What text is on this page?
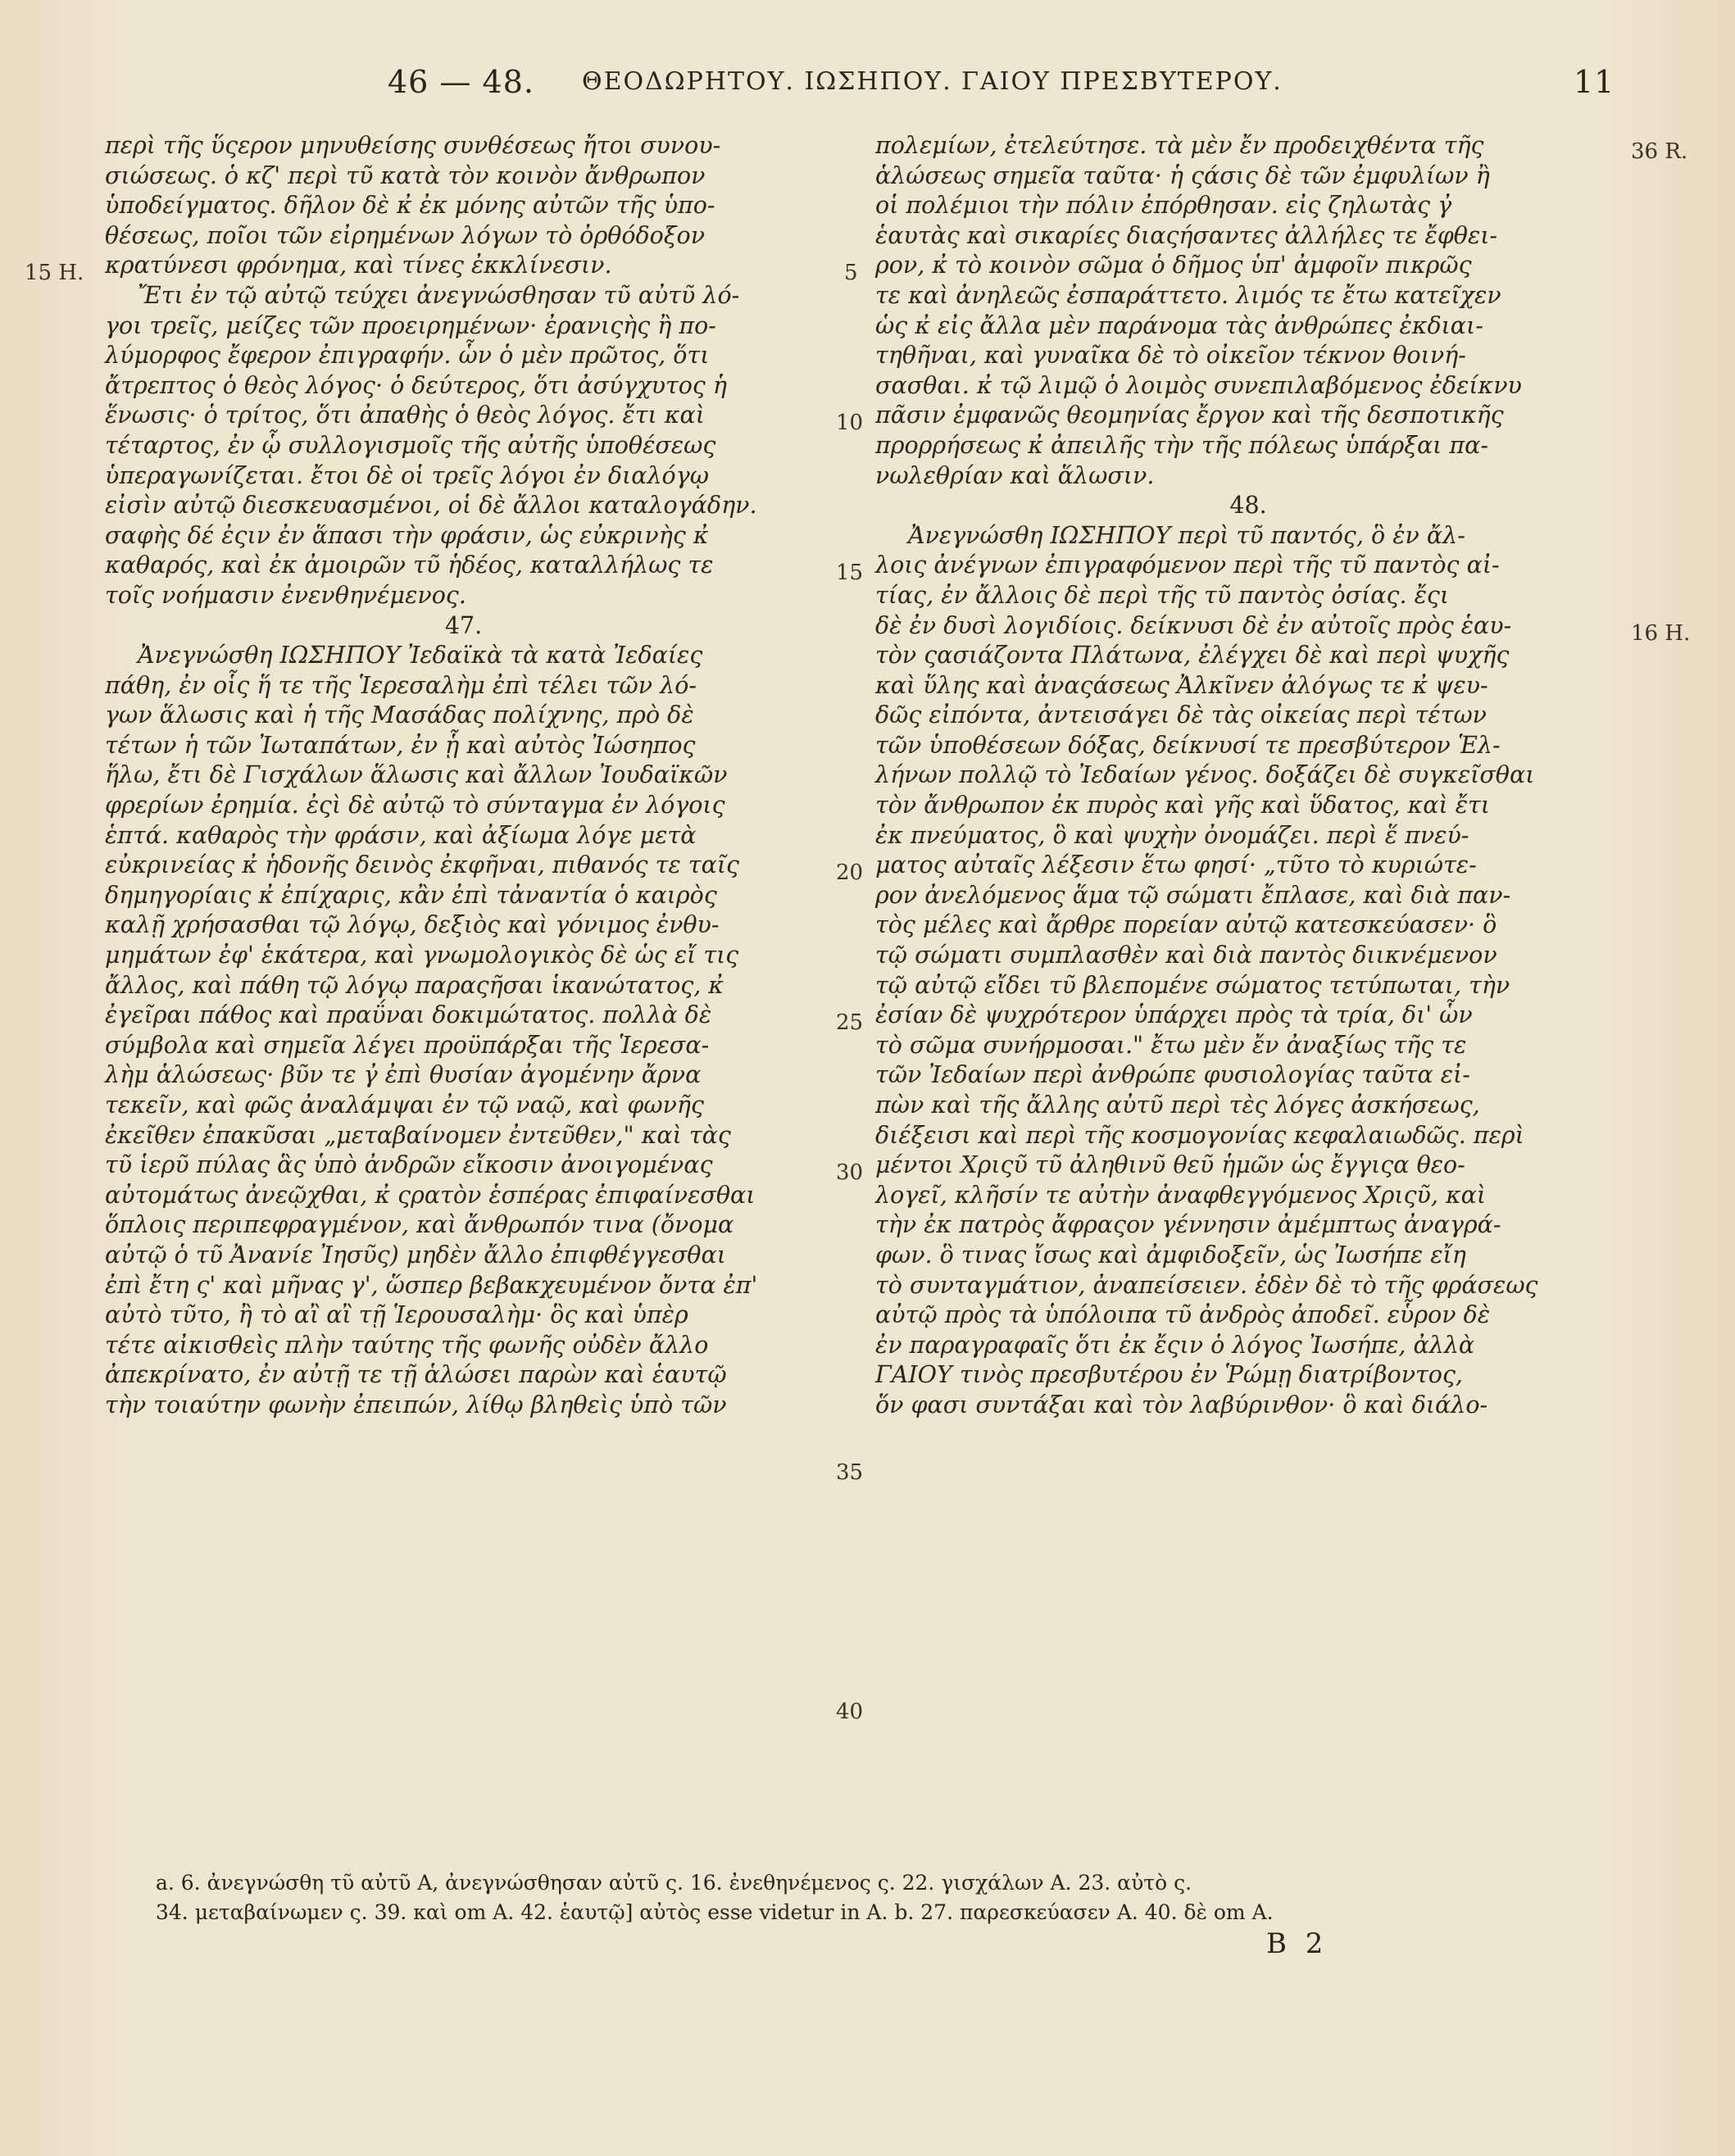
46 — 48. ΘΕΟΔΩΡΗΤΟΥ. ΙΩΣΗΠΟΥ. ΓΑΙΟΥ ΠΡΕΣΒΥΤΕΡΟΥ.	11
περὶ τῆς ὕςερον μηνυθείσης συνθέσεως ἤτοι συνου-
σιώσεως. ὁ κζ' περὶ τῦ κατὰ τὸν κοινὸν ἄνθρωπον
ὑποδείγματος. δῆλον δὲ κ̓ ἐκ μόνης αὐτῶν τῆς ὑπο-
θέσεως, ποῖοι τῶν εἰρημένων λόγων τὸ ὀρθόδοξον
κρατύνεσι φρόνημα, καὶ τίνες ἐκκλίνεσιν.
Ἔτι ἐν τῷ αὐτῷ τεύχει ἀνεγνώσθησαν τῦ αὐτῦ λό-
γοι τρεῖς, μείζες τῶν προειρημένων· ἐρανιςὴς ἢ πο-
λύμορφος ἔφερον ἐπιγραφήν. ὧν ὁ μὲν πρῶτος, ὅτι
ἄτρεπτος ὁ θεὸς λόγος· ὁ δεύτερος, ὅτι ἀσύγχυτος ἡ
ἕνωσις· ὁ τρίτος, ὅτι ἀπαθὴς ὁ θεὸς λόγος. ἔτι καὶ
τέταρτος, ἐν ᾧ συλλογισμοῖς τῆς αὐτῆς ὑποθέσεως
ὑπεραγωνίζεται. ἔτοι δὲ οἱ τρεῖς λόγοι ἐν διαλόγῳ
εἰσὶν αὐτῷ διεσκευασμένοι, οἱ δὲ ἄλλοι καταλογάδην.
σαφὴς δέ ἐςιν ἐν ἅπασι τὴν φράσιν, ὡς εὐκρινὴς κ̓
καθαρός, καὶ ἐκ ἀμοιρῶν τῦ ἡδέος, καταλλήλως τε
τοῖς νοήμασιν ἐνενθηνέμενος.
47.
Ἀνεγνώσθη ΙΩΣΗΠΟΥ Ἰεδαϊκὰ τὰ κατὰ Ἰεδαίες
πάθη, ἐν οἷς ἥ τε τῆς Ἱερεσαλὴμ ἐπὶ τέλει τῶν λό-
γων ἅλωσις καὶ ἡ τῆς Μασάδας πολίχνης, πρὸ δὲ
τέτων ἡ τῶν Ἰωταπάτων, ἐν ᾗ καὶ αὐτὸς Ἰώσηπος
ἥλω, ἔτι δὲ Γισχάλων ἅλωσις καὶ ἄλλων Ἰουδαϊκῶν
φρερίων ἐρημία. ἐςὶ δὲ αὐτῷ τὸ σύνταγμα ἐν λόγοις
ἑπτά. καθαρὸς τὴν φράσιν, καὶ ἀξίωμα λόγε μετὰ
εὐκρινείας κ̓ ἡδονῆς δεινὸς ἐκφῆναι, πιθανός τε ταῖς
δημηγορίαις κ̓ ἐπίχαρις, κἂν ἐπὶ τἀναντία ὁ καιρὸς
καλῇ χρήσασθαι τῷ λόγῳ, δεξιὸς καὶ γόνιμος ἐνθυ-
μημάτων ἐφ' ἑκάτερα, καὶ γνωμολογικὸς δὲ ὡς εἴ τις
ἄλλος, καὶ πάθη τῷ λόγῳ παραςῆσαι ἱκανώτατος, κ̓
ἐγεῖραι πάθος καὶ πραΰναι δοκιμώτατος. πολλὰ δὲ
σύμβολα καὶ σημεῖα λέγει προϋπάρξαι τῆς Ἱερεσα-
λὴμ ἁλώσεως· βῦν τε γ̓ ἐπὶ θυσίαν ἀγομένην ἄρνα
τεκεῖν, καὶ φῶς ἀναλάμψαι ἐν τῷ ναῷ, καὶ φωνῆς
ἐκεῖθεν ἐπακῦσαι „μεταβαίνομεν ἐντεῦθεν," καὶ τὰς
τῦ ἱερῦ πύλας ἃς ὑπὸ ἀνδρῶν εἴκοσιν ἀνοιγομένας
αὐτομάτως ἀνεῷχθαι, κ̓ ςρατὸν ἑσπέρας ἐπιφαίνεσθαι
ὅπλοις περιπεφραγμένον, καὶ ἄνθρωπόν τινα (ὄνομα
αὐτῷ ὁ τῦ Ἀνανίε Ἰησῦς) μηδὲν ἄλλο ἐπιφθέγγεσθαι
ἐπὶ ἔτη ς' καὶ μῆνας γ', ὥσπερ βεβακχευμένον ὄντα ἐπ'
αὐτὸ τῦτο, ἢ τὸ αἲ αἲ τῇ Ἱερουσαλὴμ· ὃς καὶ ὑπὲρ
τέτε αἰκισθεὶς πλὴν ταύτης τῆς φωνῆς οὐδὲν ἄλλο
ἀπεκρίνατο, ἐν αὐτῇ τε τῇ ἁλώσει παρὼν καὶ ἑαυτῷ
τὴν τοιαύτην φωνὴν ἐπειπών, λίθῳ βληθεὶς ὑπὸ τῶν
πολεμίων, ἐτελεύτησε. τὰ μὲν ἔν προδειχθέντα τῆς
ἁλώσεως σημεῖα ταῦτα· ἡ ςάσις δὲ τῶν ἐμφυλίων ἢ
οἱ πολέμιοι τὴν πόλιν ἐπόρθησαν. εἰς ζηλωτὰς γ̓
ἑαυτὰς καὶ σικαρίες διαςήσαντες ἀλλήλες τε ἔφθει-
ρον, κ̓ τὸ κοινὸν σῶμα ὁ δῆμος ὑπ' ἀμφοῖν πικρῶς
τε καὶ ἀνηλεῶς ἐσπαράττετο. λιμός τε ἔτω κατεῖχεν
ὡς κ̓ εἰς ἄλλα μὲν παράνομα τὰς ἀνθρώπες ἐκδιαι-
τηθῆναι, καὶ γυναῖκα δὲ τὸ οἰκεῖον τέκνον θοινή-
σασθαι. κ̓ τῷ λιμῷ ὁ λοιμὸς συνεπιλαβόμενος ἐδείκνυ
πᾶσιν ἐμφανῶς θεομηνίας ἔργον καὶ τῆς δεσποτικῆς
προρρήσεως κ̓ ἀπειλῆς τὴν τῆς πόλεως ὑπάρξαι πα-
νωλεθρίαν καὶ ἅλωσιν.
48.
Ἀνεγνώσθη ΙΩΣΗΠΟΥ περὶ τῦ παντός, ὃ ἐν ἄλ-
λοις ἀνέγνων ἐπιγραφόμενον περὶ τῆς τῦ παντὸς αἰ-
τίας, ἐν ἄλλοις δὲ περὶ τῆς τῦ παντὸς ὀσίας. ἔςι
δὲ ἐν δυσὶ λογιδίοις. δείκνυσι δὲ ἐν αὐτοῖς πρὸς ἑαυ-
τὸν ςασιάζοντα Πλάτωνα, ἐλέγχει δὲ καὶ περὶ ψυχῆς
καὶ ὕλης καὶ ἀναςάσεως Ἀλκῖνεν ἀλόγως τε κ̓ ψευ-
δῶς εἰπόντα, ἀντεισάγει δὲ τὰς οἰκείας περὶ τέτων
τῶν ὑποθέσεων δόξας, δείκνυσί τε πρεσβύτερον Ἑλ-
λήνων πολλῷ τὸ Ἰεδαίων γένος. δοξάζει δὲ συγκεῖσθαι
τὸν ἄνθρωπον ἐκ πυρὸς καὶ γῆς καὶ ὕδατος, καὶ ἔτι
ἐκ πνεύματος, ὃ καὶ ψυχὴν ὀνομάζει. περὶ ἕ πνεύ-
ματος αὐταῖς λέξεσιν ἕτω φησί· „τῦτο τὸ κυριώτε-
ρον ἀνελόμενος ἅμα τῷ σώματι ἔπλασε, καὶ διὰ παν-
τὸς μέλες καὶ ἄρθρε πορείαν αὐτῷ κατεσκεύασεν· ὃ
τῷ σώματι συμπλασθὲν καὶ διὰ παντὸς διικνέμενον
τῷ αὐτῷ εἴδει τῦ βλεπομένε σώματος τετύπωται, τὴν
ἐσίαν δὲ ψυχρότερον ὑπάρχει πρὸς τὰ τρία, δι' ὧν
τὸ σῶμα συνήρμοσαι." ἔτω μὲν ἔν ἀναξίως τῆς τε
τῶν Ἰεδαίων περὶ ἀνθρώπε φυσιολογίας ταῦτα εἰ-
πὼν καὶ τῆς ἄλλης αὐτῦ περὶ τὲς λόγες ἀσκήσεως,
διέξεισι καὶ περὶ τῆς κοσμογονίας κεφαλαιωδῶς. περὶ
μέντοι Χριςῦ τῦ ἀληθινῦ θεῦ ἡμῶν ὡς ἔγγιςα θεο-
λογεῖ, κλῆσίν τε αὐτὴν ἀναφθεγγόμενος Χριςῦ, καὶ
τὴν ἐκ πατρὸς ἄφραςον γέννησιν ἀμέμπτως ἀναγρά-
φων. ὃ τινας ἴσως καὶ ἀμφιδοξεῖν, ὡς Ἰωσήπε εἴη
τὸ συνταγμάτιον, ἀναπείσειεν. ἐδὲν δὲ τὸ τῆς φράσεως
αὐτῷ πρὸς τὰ ὑπόλοιπα τῦ ἀνδρὸς ἀποδεῖ. εὗρον δὲ
ἐν παραγραφαῖς ὅτι ἐκ ἔςιν ὁ λόγος Ἰωσήπε, ἀλλὰ
ΓΑΙΟΥ τινὸς πρεσβυτέρου ἐν Ῥώμῃ διατρίβοντος,
ὅν φασι συντάξαι καὶ τὸν λαβύρινθον· ὃ καὶ διάλο-
15 H.	5
10
15
20
25
30
35
40
36 R.
16 H.
a. 6. ἀνεγνώσθη τῦ αὐτῦ A, ἀνεγνώσθησαν αὐτῦ ς. 16. ἐνεθηνέμενος ς. 22. γισχάλων A. 23. αὐτὸ ς.
34. μεταβαίνωμεν ς. 39. καὶ om A. 42. ἑαυτῷ] αὐτὸς esse videtur in A. b. 27. παρεσκεύασεν A. 40. δὲ om A.
B 2
